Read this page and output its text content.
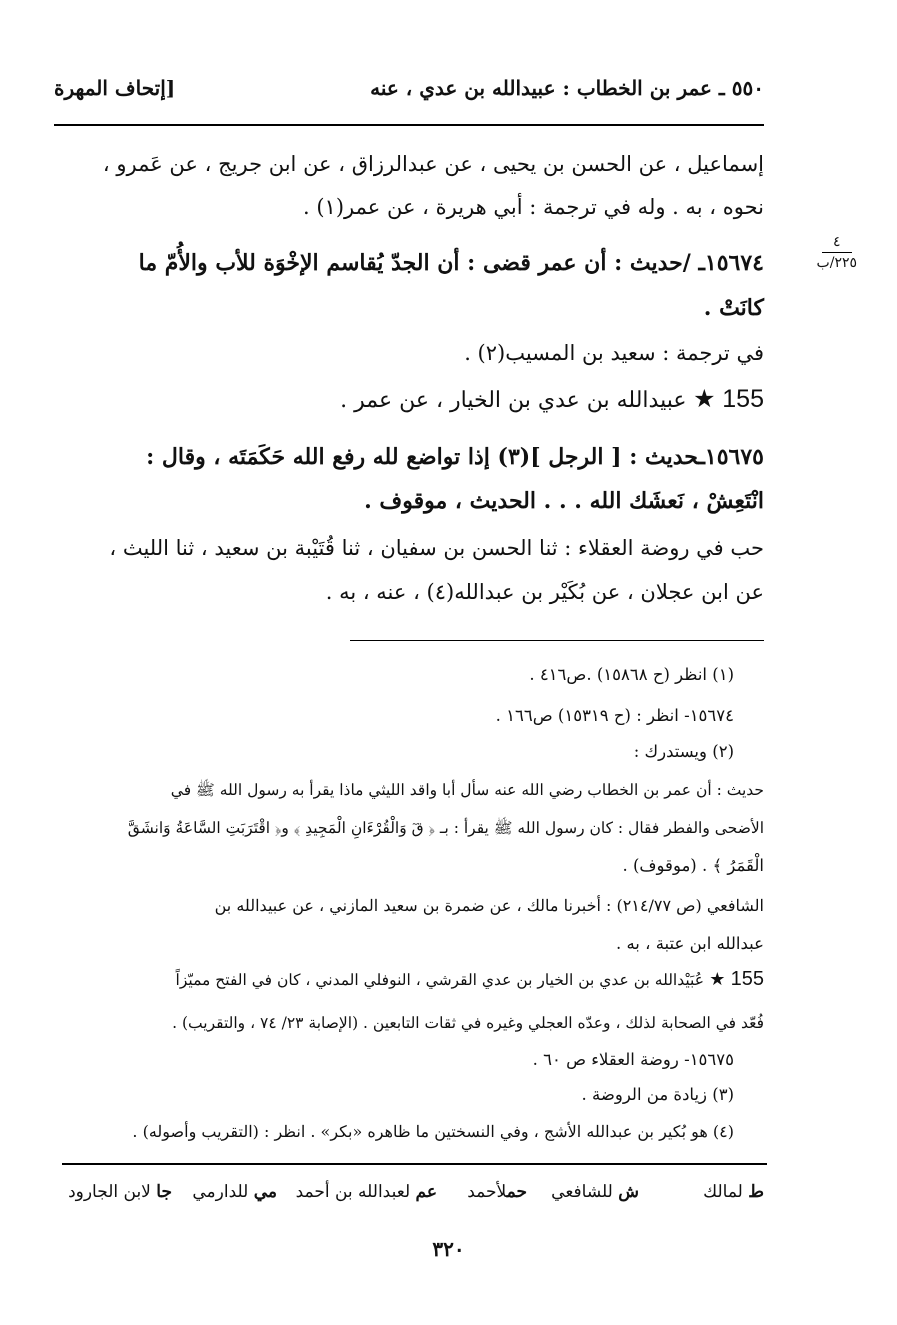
٥٥٠ ـ عمر بن الخطاب : عبيدالله بن عدي ، عنه
[إتحاف المهرة
٤
٢٢٥/ب
إسماعيل ، عن الحسن بن يحيى ، عن عبدالرزاق ، عن ابن جريج ، عن عَمرو ،
نحوه ، به . وله في ترجمة : أبي هريرة ، عن عمر(١) .
١٥٦٧٤ـ /حديث : أن عمر قضى : أن الجدّ يُقاسم الإخْوَة للأب والأُمّ ما
كانَتْ .
في ترجمة : سعيد بن المسيب(٢) .
155 ★ عبيدالله بن عدي بن الخيار ، عن عمر .
١٥٦٧٥ـحديث : [ الرجل ](٣) إذا تواضع لله رفع الله حَكَمَتَه ، وقال :
انْتَعِشْ ، نَعشَك الله . . . الحديث ، موقوف .
حب في روضة العقلاء : ثنا الحسن بن سفيان ، ثنا قُتَيْبة بن سعيد ، ثنا الليث ،
عن ابن عجلان ، عن بُكَيْر بن عبدالله(٤) ، عنه ، به .
(١) انظر (ح ١٥٨٦٨) .ص٤١٦ .
١٥٦٧٤- انظر : (ح ١٥٣١٩) ص١٦٦ .
(٢) ويستدرك :
حديث : أن عمر بن الخطاب رضي الله عنه سأل أبا واقد الليثي ماذا يقرأ به رسول الله ﷺ في
الأضحى والفطر فقال : كان رسول الله ﷺ يقرأ : بـ ﴿ قٓ وَالْقُرْءَانِ الْمَجِيدِ ﴾ و﴿ اقْتَرَبَتِ السَّاعَةُ وَانشَقَّ
الْقَمَرُ ﴾ . (موقوف) .
الشافعي (ص ٢١٤/٧٧) : أخبرنا مالك ، عن ضمرة بن سعيد المازني ، عن عبيدالله بن
عبدالله ابن عتبة ، به .
155 ★ عُبَيْدالله بن عدي بن الخيار بن عدي القرشي ، النوفلي المدني ، كان في الفتح مميّزاً
فُعّد في الصحابة لذلك ، وعدّه العجلي وغيره في ثقات التابعين . (الإصابة ٢٣/ ٧٤ ، والتقريب) .
١٥٦٧٥- روضة العقلاء ص ٦٠ .
(٣) زيادة من الروضة .
(٤) هو بُكير بن عبدالله الأشج ، وفي النسختين ما ظاهره «بكر» . انظر : (التقريب وأصوله) .
ط لمالك
ش للشافعي
حملأحمد
عم لعبدالله بن أحمد
مي للدارمي
جا لابن الجارود
٣٢٠
